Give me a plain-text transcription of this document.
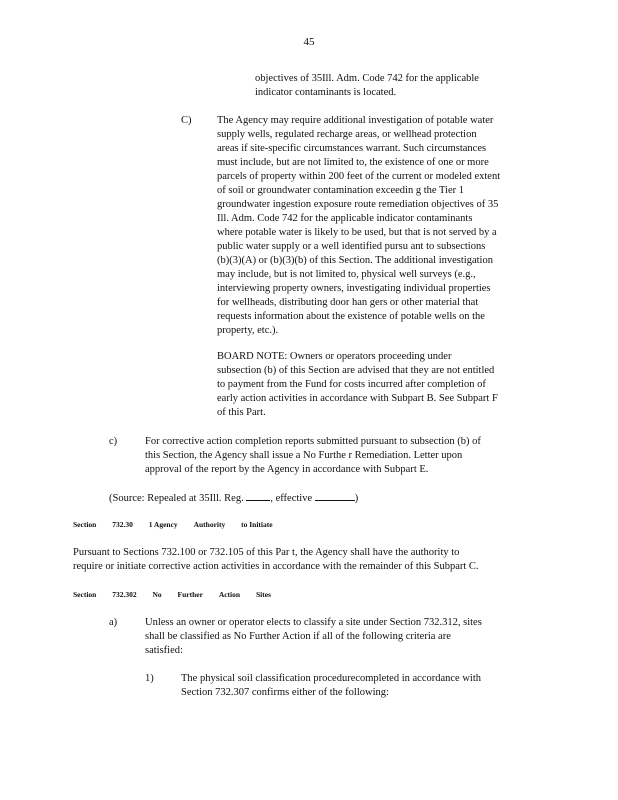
45
objectives of 35Ill. Adm. Code 742 for the applicable
indicator contaminants is located.
C) The Agency may require additional investigation of potable water
supply wells, regulated recharge areas, or wellhead protection
areas if site-specific circumstances warrant. Such circumstances
must include, but are not limited to, the existence of one or more
parcels of property within 200 feet of the current or modeled extent
of soil or groundwater contamination exceedin g the Tier 1
groundwater ingestion exposure route remediation objectives of 35
Ill. Adm. Code 742 for the applicable indicator contaminants
where potable water is likely to be used, but that is not served by a
public water supply or a well identified pursu ant to subsections
(b)(3)(A) or (b)(3)(b) of this Section. The additional investigation
may include, but is not limited to, physical well surveys (e.g.,
interviewing property owners, investigating individual properties
for wellheads, distributing door han gers or other material that
requests information about the existence of potable wells on the
property, etc.).
BOARD NOTE: Owners or operators proceeding under
subsection (b) of this Section are advised that they are not entitled
to payment from the Fund for costs incurred after completion of
early action activities in accordance with Subpart B. See Subpart F
of this Part.
c)	For corrective action completion reports submitted pursuant to subsection (b) of
this Section, the Agency shall issue a No Furthe r Remediation. Letter upon
approval of the report by the Agency in accordance with Subpart E.
(Source: Repealed at 35Ill. Reg.	, effective	)
Section 732.30 1 Agency Authority to Initiate
Pursuant to Sections 732.100 or 732.105 of this Par t, the Agency shall have the authority to
require or initiate corrective action activities in accordance with the remainder of this Subpart C.
Section 732.302 No Further Action Sites
a)	Unless an owner or operator elects to classify a site under Section 732.312, sites
shall be classified as No Further Action if all of the following criteria are
satisfied:
1)	The physical soil classification procedurecompleted in accordance with
Section 732.307 confirms either of the following:
